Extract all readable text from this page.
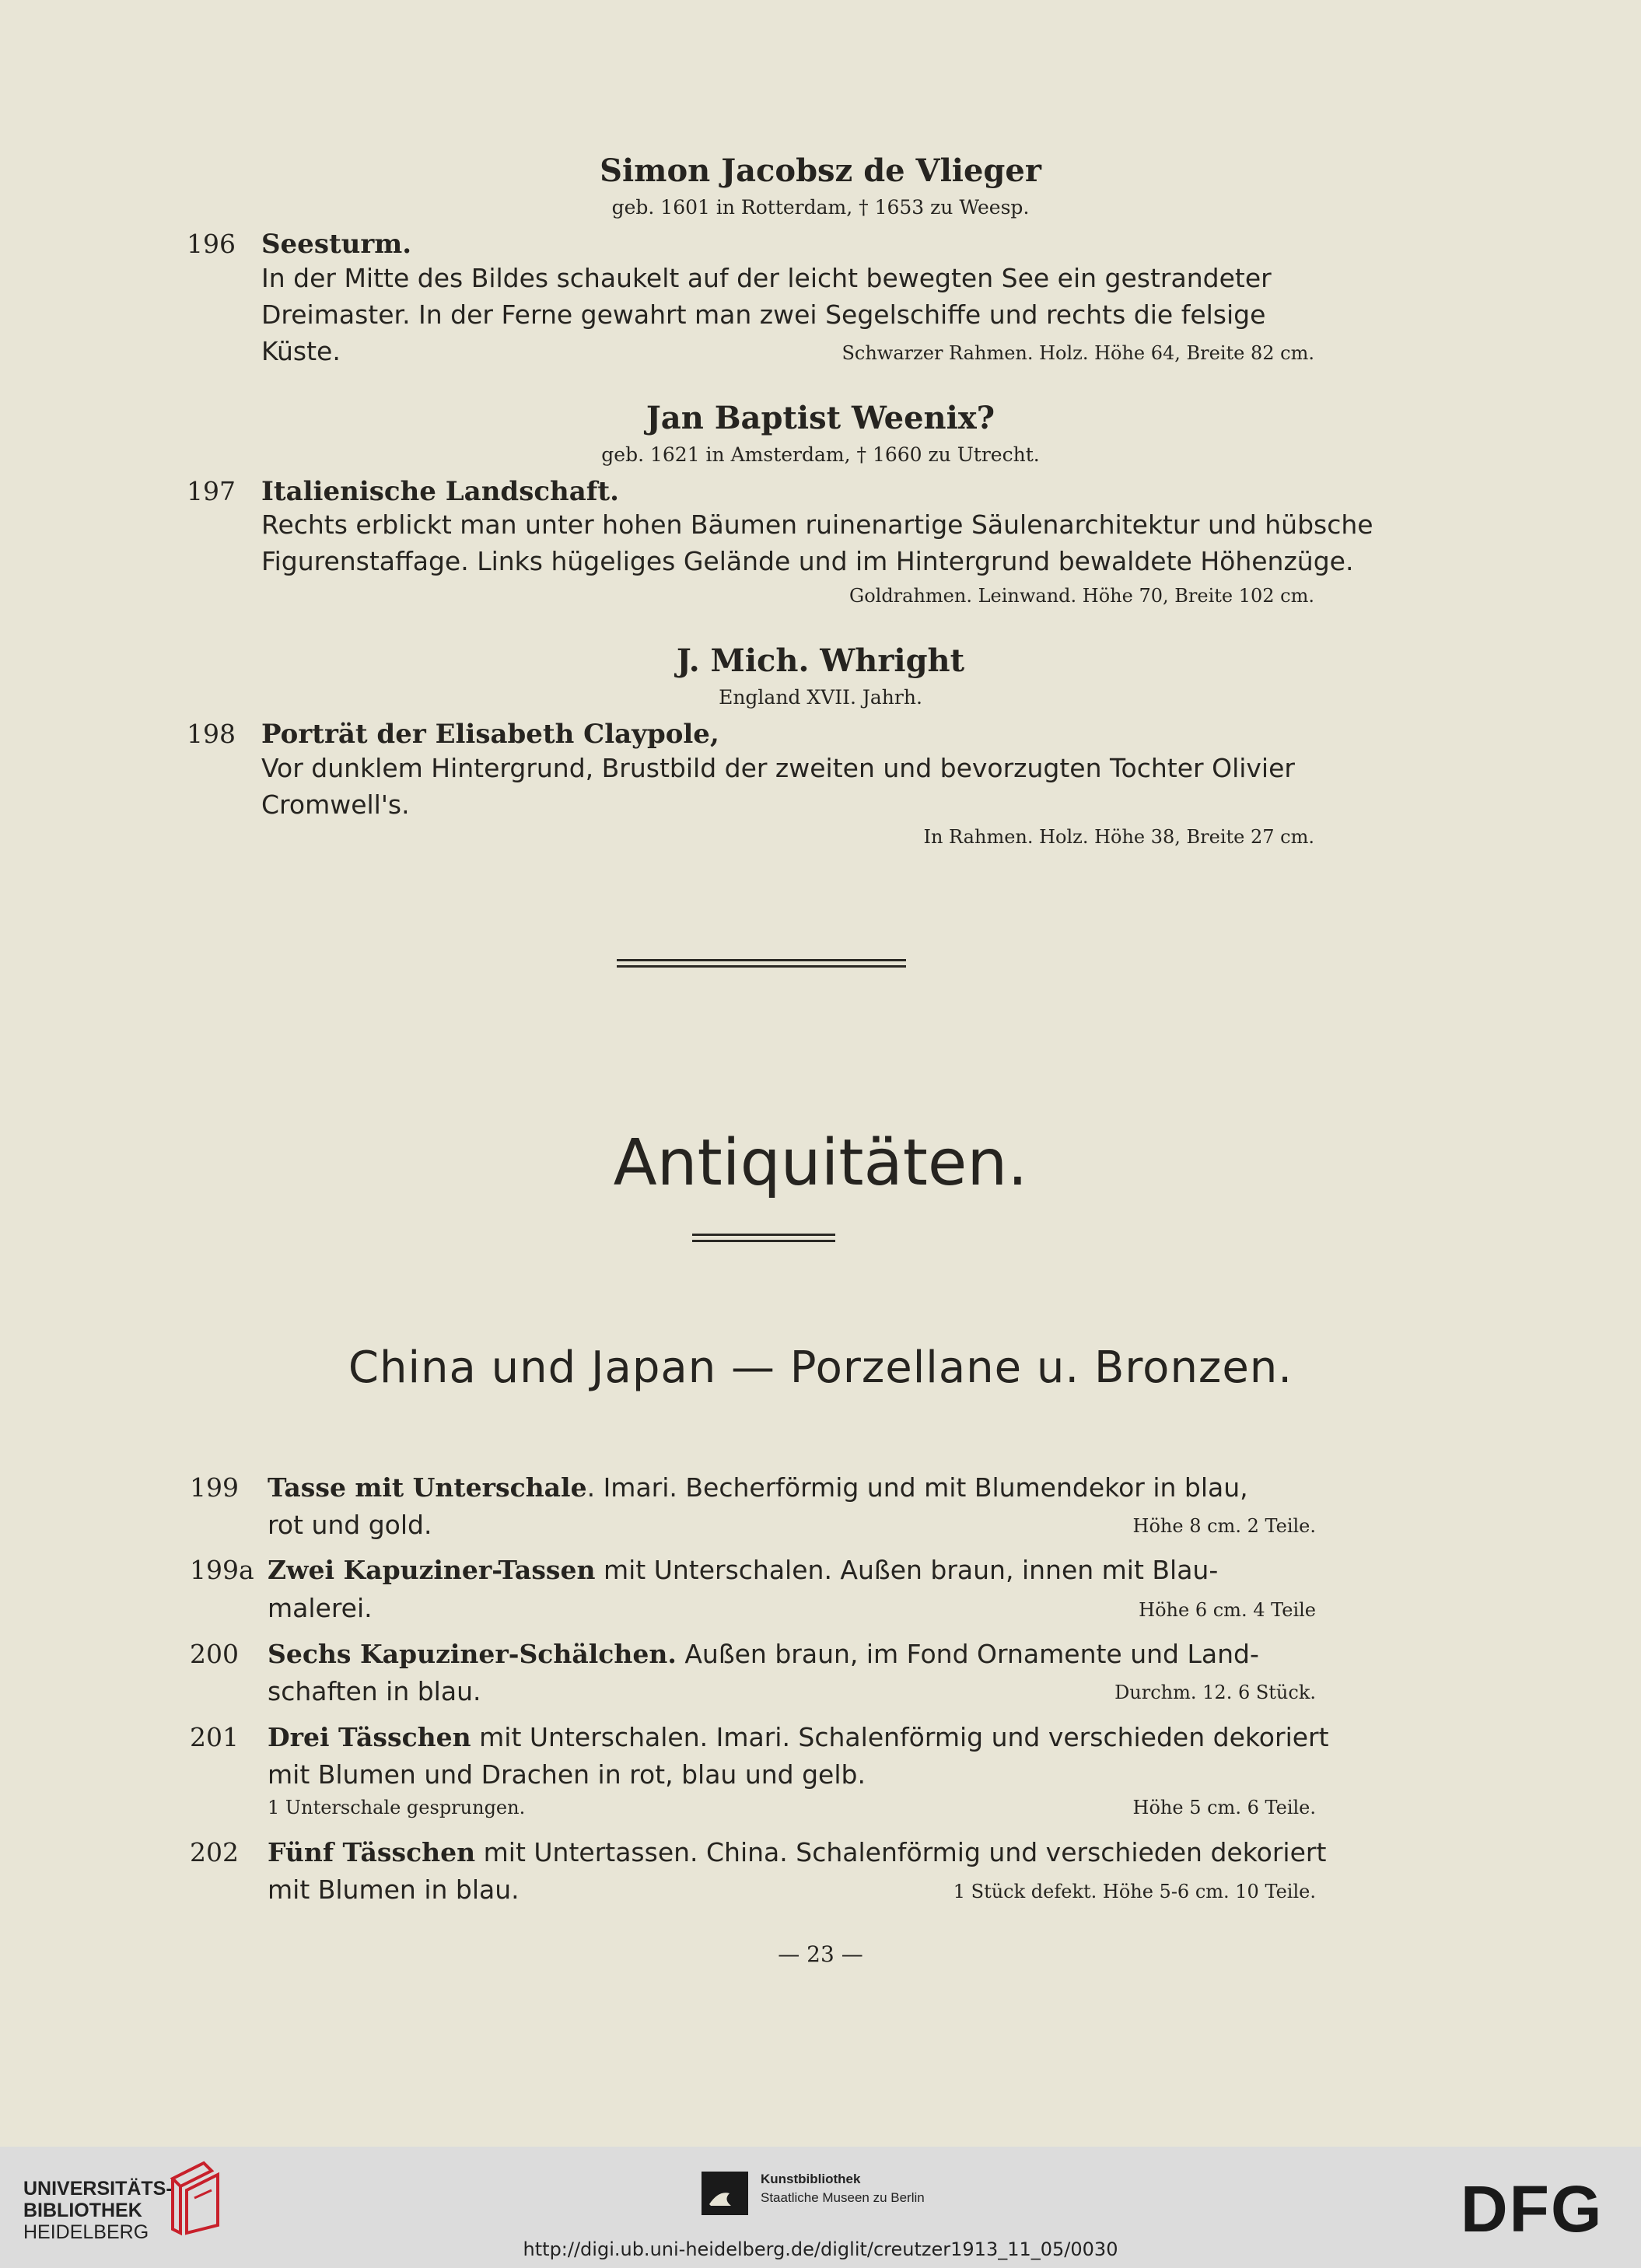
Simon Jacobsz de Vlieger
geb. 1601 in Rotterdam, † 1653 zu Weesp.
196 Seesturm.
In der Mitte des Bildes schaukelt auf der leicht bewegten See ein gestrandeter
Dreimaster. In der Ferne gewahrt man zwei Segelschiffe und rechts die felsige
Küste.	Schwarzer Rahmen. Holz. Höhe 64, Breite 82 cm.
Jan Baptist Weenix?
geb. 1621 in Amsterdam, † 1660 zu Utrecht.
197 Italienische Landschaft.
Rechts erblickt man unter hohen Bäumen ruinenartige Säulenarchitektur und hübsche
Figurenstaffage. Links hügeliges Gelände und im Hintergrund bewaldete Höhenzüge.
Goldrahmen. Leinwand. Höhe 70, Breite 102 cm.
J. Mich. Whright
England XVII. Jahrh.
198 Porträt der Elisabeth Claypole,
Vor dunklem Hintergrund, Brustbild der zweiten und bevorzugten Tochter Olivier
Cromwell's.
In Rahmen. Holz. Höhe 38, Breite 27 cm.
Antiquitäten.
China und Japan — Porzellane u. Bronzen.
199 Tasse mit Unterschale. Imari. Becherförmig und mit Blumendekor in blau,
rot und gold.	Höhe 8 cm. 2 Teile.
199a Zwei Kapuziner-Tassen mit Unterschalen. Außen braun, innen mit Blau-
malerei.	Höhe 6 cm. 4 Teile
200 Sechs Kapuziner-Schälchen. Außen braun, im Fond Ornamente und Land-
schaften in blau.	Durchm. 12. 6 Stück.
201 Drei Tässchen mit Unterschalen. Imari. Schalenförmig und verschieden dekoriert
mit Blumen und Drachen in rot, blau und gelb.
1 Unterschale gesprungen.	Höhe 5 cm. 6 Teile.
202 Fünf Tässchen mit Untertassen. China. Schalenförmig und verschieden dekoriert
mit Blumen in blau.	1 Stück defekt. Höhe 5-6 cm. 10 Teile.
— 23 —
UNIVERSITÄTS-
BIBLIOTHEK
HEIDELBERG
Kunstbibliothek
Staatliche Museen zu Berlin	DFG
http://digi.ub.uni-heidelberg.de/diglit/creutzer1913_11_05/0030
